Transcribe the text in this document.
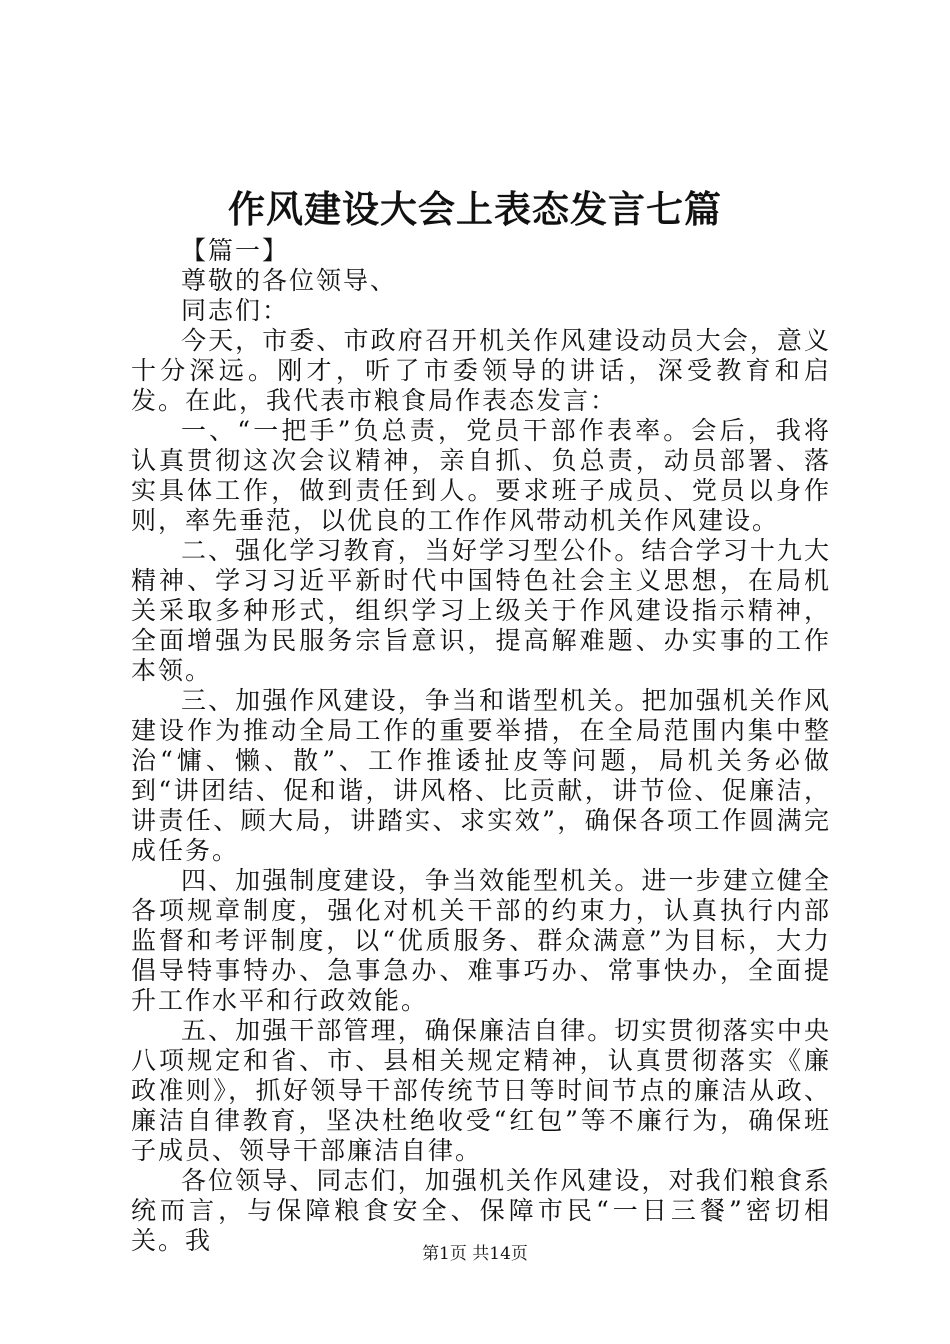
作风建设大会上表态发言七篇

【篇一】

尊敬的各位领导、

同志们：

今天，市委、市政府召开机关作风建设动员大会，意义十分深远。刚才，听了市委领导的讲话，深受教育和启发。在此，我代表市粮食局作表态发言：

一、“一把手”负总责，党员干部作表率。会后，我将认真贯彻这次会议精神，亲自抓、负总责，动员部署、落实具体工作，做到责任到人。要求班子成员、党员以身作则，率先垂范，以优良的工作作风带动机关作风建设。

二、强化学习教育，当好学习型公仆。结合学习十九大精神、学习习近平新时代中国特色社会主义思想，在局机关采取多种形式，组织学习上级关于作风建设指示精神，全面增强为民服务宗旨意识，提高解难题、办实事的工作本领。

三、加强作风建设，争当和谐型机关。把加强机关作风建设作为推动全局工作的重要举措，在全局范围内集中整治“慵、懒、散”、工作推诿扯皮等问题，局机关务必做到“讲团结、促和谐，讲风格、比贡献，讲节俭、促廉洁，讲责任、顾大局，讲踏实、求实效”，确保各项工作圆满完成任务。

四、加强制度建设，争当效能型机关。进一步建立健全各项规章制度，强化对机关干部的约束力，认真执行内部监督和考评制度，以“优质服务、群众满意”为目标，大力倡导特事特办、急事急办、难事巧办、常事快办，全面提升工作水平和行政效能。

五、加强干部管理，确保廉洁自律。切实贯彻落实中央八项规定和省、市、县相关规定精神，认真贯彻落实《廉政准则》，抓好领导干部传统节日等时间节点的廉洁从政、廉洁自律教育，坚决杜绝收受“红包”等不廉行为，确保班子成员、领导干部廉洁自律。

各位领导、同志们，加强机关作风建设，对我们粮食系统而言，与保障粮食安全、保障市民“一日三餐”密切相关。我	第1页 共14页
